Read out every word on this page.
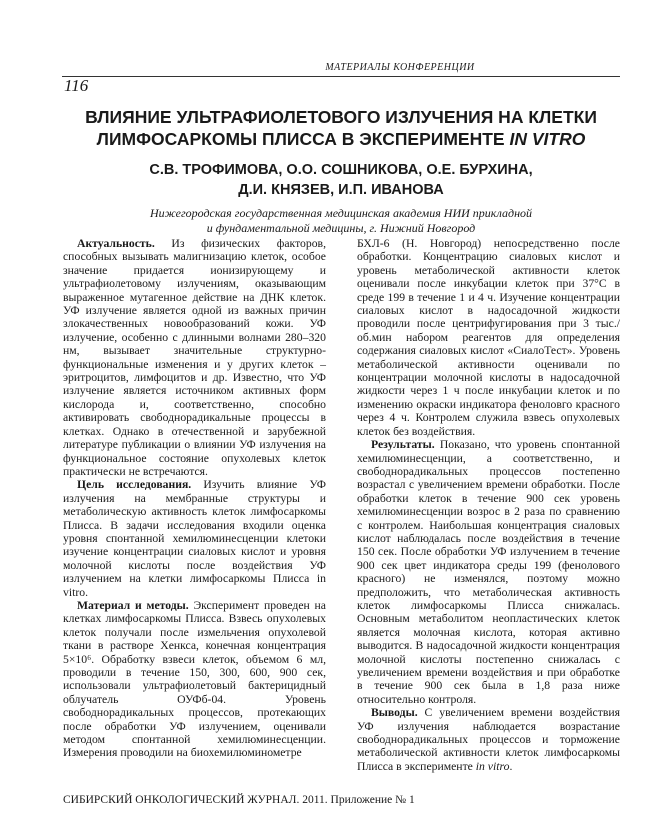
МАТЕРИАЛЫ КОНФЕРЕНЦИИ
116
ВЛИЯНИЕ УЛЬТРАФИОЛЕТОВОГО ИЗЛУЧЕНИЯ НА КЛЕТКИ
ЛИМФОСАРКОМЫ ПЛИССА В ЭКСПЕРИМЕНТЕ IN VITRO
С.В. ТРОФИМОВА, О.О. СОШНИКОВА, О.Е. БУРХИНА,
Д.И. КНЯЗЕВ, И.П. ИВАНОВА
Нижегородская государственная медицинская академия НИИ прикладной
и фундаментальной медицины, г. Нижний Новгород

Актуальность. Из физических факторов, способных вызывать малигнизацию клеток, особое значение придается ионизирующему и ультрафиолетовому излучениям, оказывающим выраженное мутагенное действие на ДНК клеток. УФ излучение является одной из важных причин злокачественных новообразований кожи. УФ излучение, особенно с длинными волнами 280–320 нм, вызывает значительные структурно-функциональные изменения и у других клеток – эритроцитов, лимфоцитов и др. Известно, что УФ излучение является источником активных форм кислорода и, соответственно, способно активировать свободнорадикальные процессы в клетках. Однако в отечественной и зарубежной литературе публикации о влиянии УФ излучения на функциональное состояние опухолевых клеток практически не встречаются.

Цель исследования. Изучить влияние УФ излучения на мембранные структуры и метаболическую активность клеток лимфосаркомы Плисса. В задачи исследования входили оценка уровня спонтанной хемилюминесценции клетоки изучение концентрации сиаловых кислот и уровня молочной кислоты после воздействия УФ излучением на клетки лимфосаркомы Плисса in vitro.

Материал и методы. Эксперимент проведен на клетках лимфосаркомы Плисса. Взвесь опухолевых клеток получали после измельчения опухолевой ткани в растворе Хенкса, конечная концентрация 5×10⁶. Обработку взвеси клеток, объемом 6 мл, проводили в течение 150, 300, 600, 900 сек, использовали ультрафиолетовый бактерицидный облучатель ОУФб-04. Уровень свободнорадикальных процессов, протекающих после обработки УФ излучением, оценивали методом спонтанной хемилюминесценции. Измерения проводили на биохемилюминометре

БХЛ-6 (Н. Новгород) непосредственно после обработки. Концентрацию сиаловых кислот и уровень метаболической активности клеток оценивали после инкубации клеток при 37°С в среде 199 в течение 1 и 4 ч. Изучение концентрации сиаловых кислот в надосадочной жидкости проводили после центрифугирования при 3 тыс./об.мин набором реагентов для определения содержания сиаловых кислот «СиалоТест». Уровень метаболической активности оценивали по концентрации молочной кислоты в надосадочной жидкости через 1 ч после инкубации клеток и по изменению окраски индикатора феноловго красного через 4 ч. Контролем служила взвесь опухолевых клеток без воздействия.

Результаты. Показано, что уровень спонтанной хемилюминесценции, а соответственно, и свободнорадикальных процессов постепенно возрастал с увеличением времени обработки. После обработки клеток в течение 900 сек уровень хемилюминесценции возрос в 2 раза по сравнению с контролем. Наибольшая концентрация сиаловых кислот наблюдалась после воздействия в течение 150 сек. После обработки УФ излучением в течение 900 сек цвет индикатора среды 199 (фенолового красного) не изменялся, поэтому можно предположить, что метаболическая активность клеток лимфосаркомы Плисса снижалась. Основным метаболитом неопластических клеток является молочная кислота, которая активно выводится. В надосадочной жидкости концентрация молочной кислоты постепенно снижалась с увеличением времени воздействия и при обработке в течение 900 сек была в 1,8 раза ниже относительно контроля.

Выводы. С увеличением времени воздействия УФ излучения наблюдается возрастание свободнорадикальных процессов и торможение метаболической активности клеток лимфосаркомы Плисса в эксперименте in vitro.

СИБИРСКИЙ ОНКОЛОГИЧЕСКИЙ ЖУРНАЛ. 2011. Приложение № 1
